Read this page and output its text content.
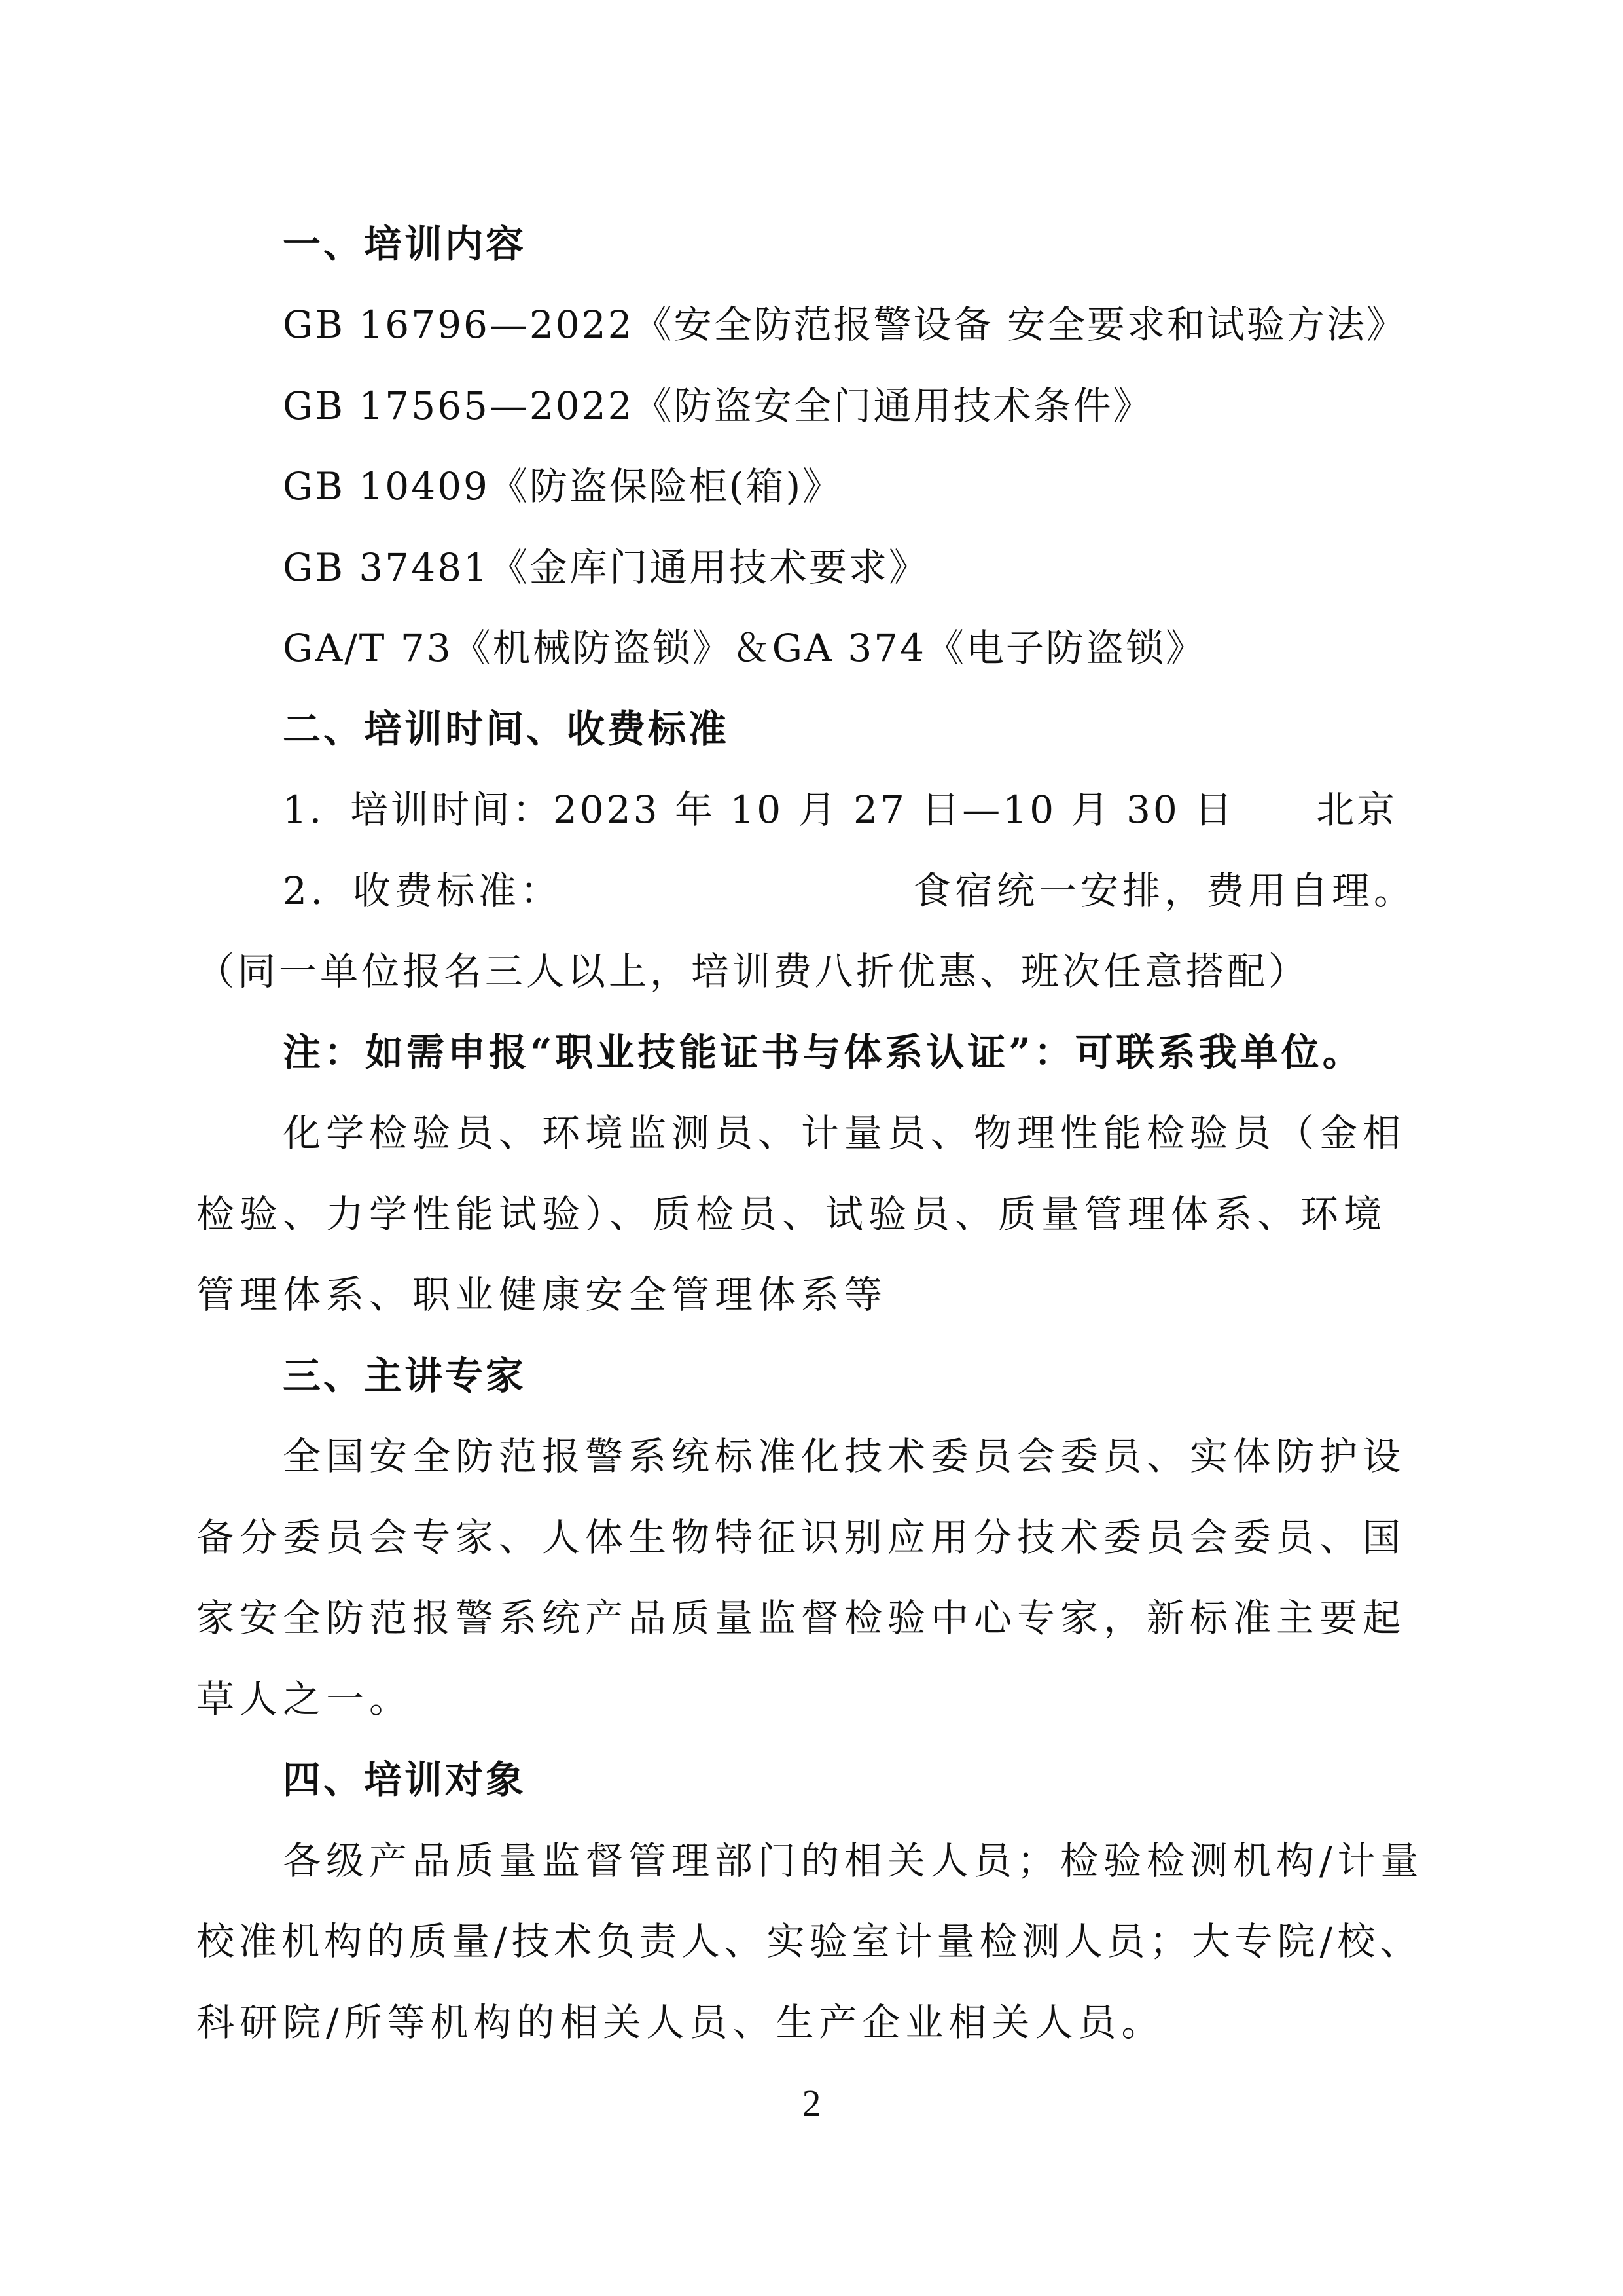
一、培训内容
GB 16796—2022《安全防范报警设备 安全要求和试验方法》
GB 17565—2022《防盗安全门通用技术条件》
GB 10409《防盗保险柜(箱)》
GB 37481《金库门通用技术要求》
GA/T 73《机械防盗锁》＆GA 374《电子防盗锁》
二、培训时间、收费标准
1．培训时间：2023 年 10 月 27 日—10 月 30 日　　北京
2．收费标准：	食宿统一安排，费用自理。
（同一单位报名三人以上，培训费八折优惠、班次任意搭配）
注：如需申报“职业技能证书与体系认证”：可联系我单位。
化学检验员、环境监测员、计量员、物理性能检验员（金相
检验、力学性能试验）、质检员、试验员、质量管理体系、环境
管理体系、职业健康安全管理体系等
三、主讲专家
全国安全防范报警系统标准化技术委员会委员、实体防护设
备分委员会专家、人体生物特征识别应用分技术委员会委员、国
家安全防范报警系统产品质量监督检验中心专家，新标准主要起
草人之一。
四、培训对象
各级产品质量监督管理部门的相关人员；检验检测机构/计量
校准机构的质量/技术负责人、实验室计量检测人员；大专院/校、
科研院/所等机构的相关人员、生产企业相关人员。
2
